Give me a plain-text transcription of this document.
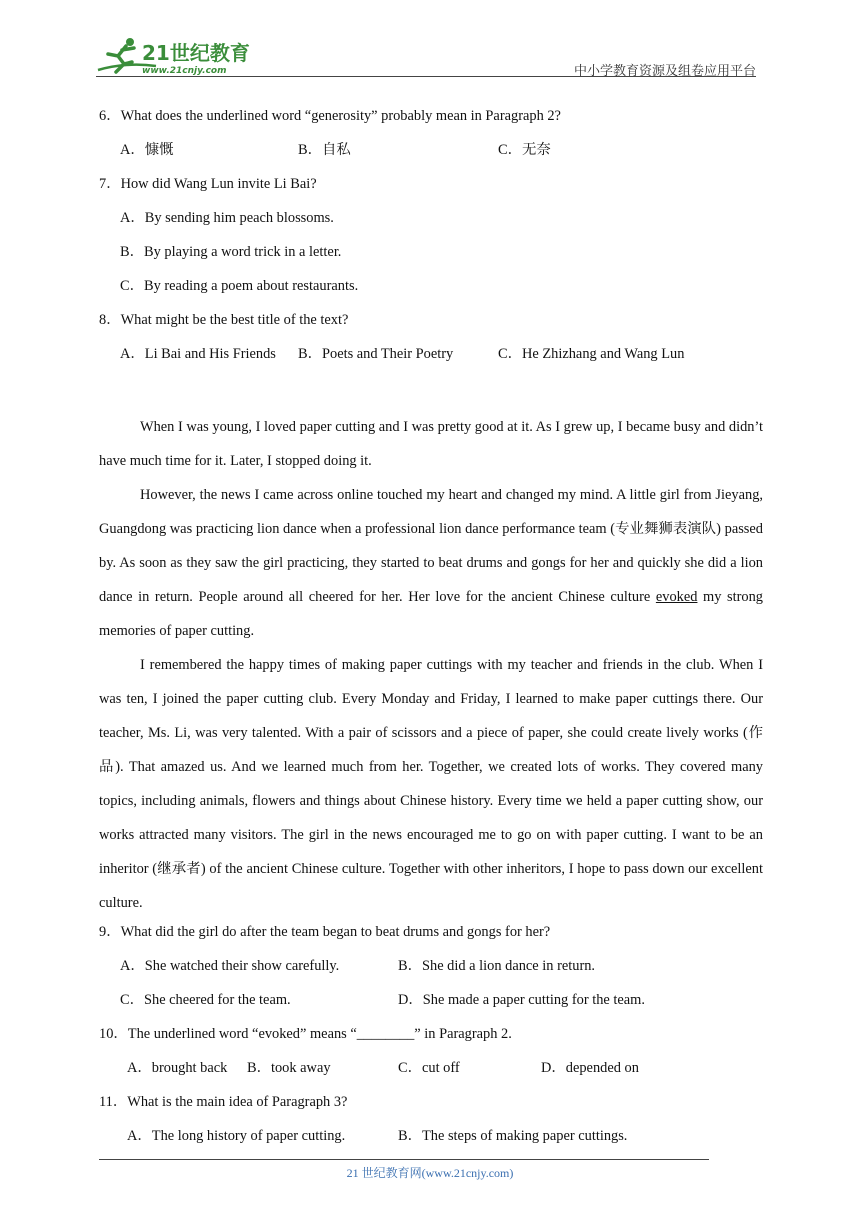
21世纪教育
www.21cnjy.com	中小学教育资源及组卷应用平台
6．What does the underlined word “generosity” probably mean in Paragraph 2?
A．慷慨	B．自私	C．无奈
7．How did Wang Lun invite Li Bai?
A．By sending him peach blossoms.
B．By playing a word trick in a letter.
C．By reading a poem about restaurants.
8．What might be the best title of the text?
A．Li Bai and His Friends	B．Poets and Their Poetry	C．He Zhizhang and Wang Lun
When I was young, I loved paper cutting and I was pretty good at it. As I grew up, I became busy and didn’t have much time for it. Later, I stopped doing it.
However, the news I came across online touched my heart and changed my mind. A little girl from Jieyang, Guangdong was practicing lion dance when a professional lion dance performance team (专业舞狮表演队) passed by. As soon as they saw the girl practicing, they started to beat drums and gongs for her and quickly she did a lion dance in return. People around all cheered for her. Her love for the ancient Chinese culture evoked my strong memories of paper cutting.
I remembered the happy times of making paper cuttings with my teacher and friends in the club. When I was ten, I joined the paper cutting club. Every Monday and Friday, I learned to make paper cuttings there. Our teacher, Ms. Li, was very talented. With a pair of scissors and a piece of paper, she could create lively works (作品). That amazed us. And we learned much from her. Together, we created lots of works. They covered many topics, including animals, flowers and things about Chinese history. Every time we held a paper cutting show, our works attracted many visitors. The girl in the news encouraged me to go on with paper cutting. I want to be an inheritor (继承者) of the ancient Chinese culture. Together with other inheritors, I hope to pass down our excellent culture.
9．What did the girl do after the team began to beat drums and gongs for her?
A．She watched their show carefully.	B．She did a lion dance in return.
C．She cheered for the team.	D．She made a paper cutting for the team.
10．The underlined word “evoked” means “________” in Paragraph 2.
A．brought back	B．took away	C．cut off	D．depended on
11．What is the main idea of Paragraph 3?
A．The long history of paper cutting.	B．The steps of making paper cuttings.
21 世纪教育网(www.21cnjy.com)
